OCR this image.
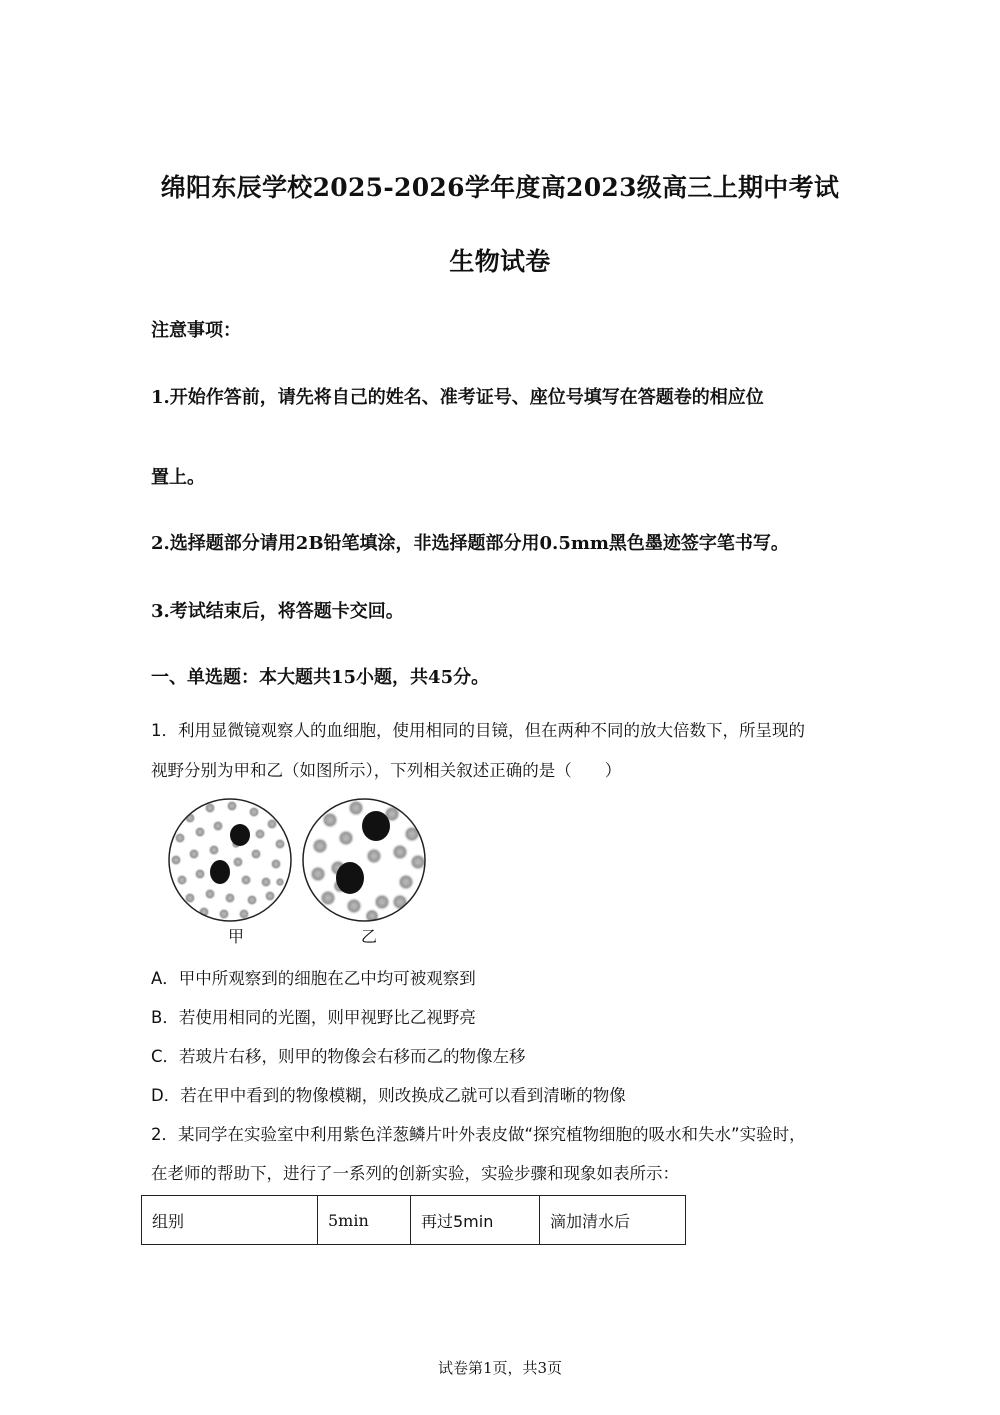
绵阳东辰学校2025-2026学年度高2023级高三上期中考试
生物试卷
注意事项：
1.开始作答前，请先将自己的姓名、准考证号、座位号填写在答题卷的相应位
置上。
2.选择题部分请用2B铅笔填涂，非选择题部分用0.5mm黑色墨迹签字笔书写。
3.考试结束后，将答题卡交回。
一、单选题：本大题共15小题，共45分。
1．利用显微镜观察人的血细胞，使用相同的目镜，但在两种不同的放大倍数下，所呈现的
视野分别为甲和乙（如图所示），下列相关叙述正确的是（　　）
甲	乙
A．甲中所观察到的细胞在乙中均可被观察到
B．若使用相同的光圈，则甲视野比乙视野亮
C．若玻片右移，则甲的物像会右移而乙的物像左移
D．若在甲中看到的物像模糊，则改换成乙就可以看到清晰的物像
2．某同学在实验室中利用紫色洋葱鳞片叶外表皮做“探究植物细胞的吸水和失水”实验时，
在老师的帮助下，进行了一系列的创新实验，实验步骤和现象如表所示：
组别	5min	再过5min	滴加清水后
试卷第1页，共3页
